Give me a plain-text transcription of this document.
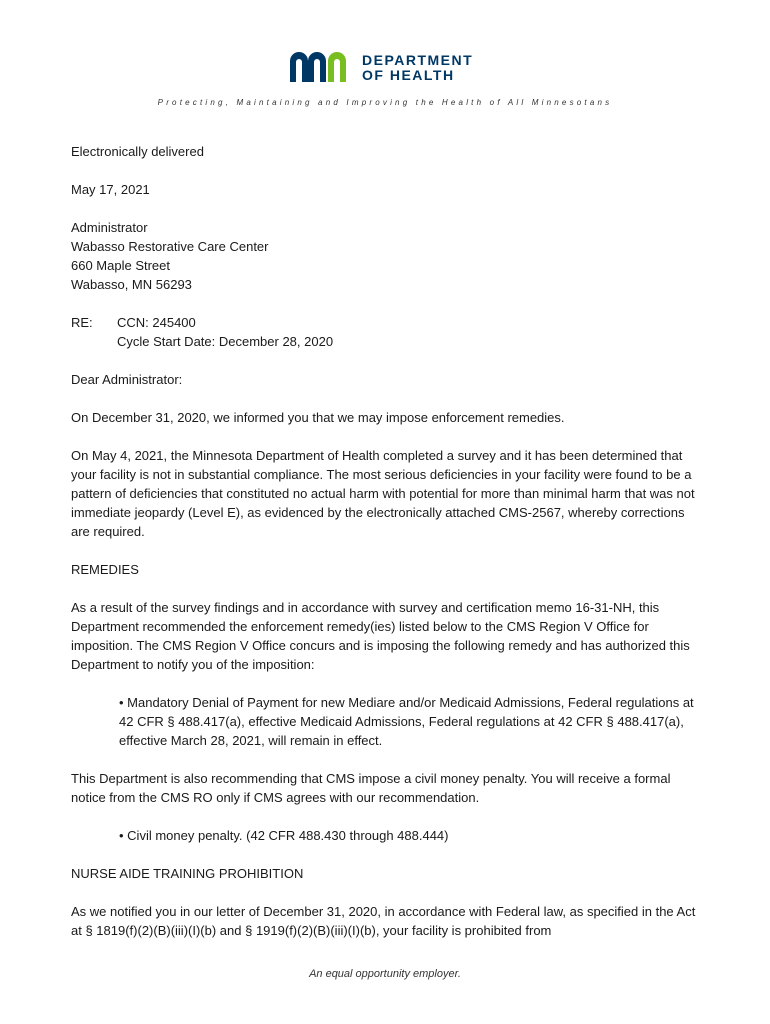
DEPARTMENT
OF HEALTH
Protecting, Maintaining and Improving the Health of All Minnesotans

Electronically delivered

May 17, 2021

Administrator
Wabasso Restorative Care Center
660 Maple Street
Wabasso, MN 56293

RE:	CCN: 245400
Cycle Start Date: December 28, 2020

Dear Administrator:

On December 31, 2020, we informed you that we may impose enforcement remedies.

On May 4, 2021, the Minnesota Department of Health completed a survey and it has been determined that your facility is not in substantial compliance. The most serious deficiencies in your facility were found to be a pattern of deficiencies that constituted no actual harm with potential for more than minimal harm that was not immediate jeopardy (Level E), as evidenced by the electronically attached CMS-2567, whereby corrections are required.

REMEDIES

As a result of the survey findings and in accordance with survey and certification memo 16-31-NH, this Department recommended the enforcement remedy(ies) listed below to the CMS Region V Office for imposition. The CMS Region V Office concurs and is imposing the following remedy and has authorized this Department to notify you of the imposition:

• Mandatory Denial of Payment for new Mediare and/or Medicaid Admissions, Federal regulations at 42 CFR § 488.417(a), effective Medicaid Admissions, Federal regulations at 42 CFR § 488.417(a), effective March 28, 2021, will remain in effect.

This Department is also recommending that CMS impose a civil money penalty. You will receive a formal notice from the CMS RO only if CMS agrees with our recommendation.

• Civil money penalty. (42 CFR 488.430 through 488.444)

NURSE AIDE TRAINING PROHIBITION

As we notified you in our letter of December 31, 2020, in accordance with Federal law, as specified in the Act at § 1819(f)(2)(B)(iii)(I)(b) and § 1919(f)(2)(B)(iii)(I)(b), your facility is prohibited from

An equal opportunity employer.
